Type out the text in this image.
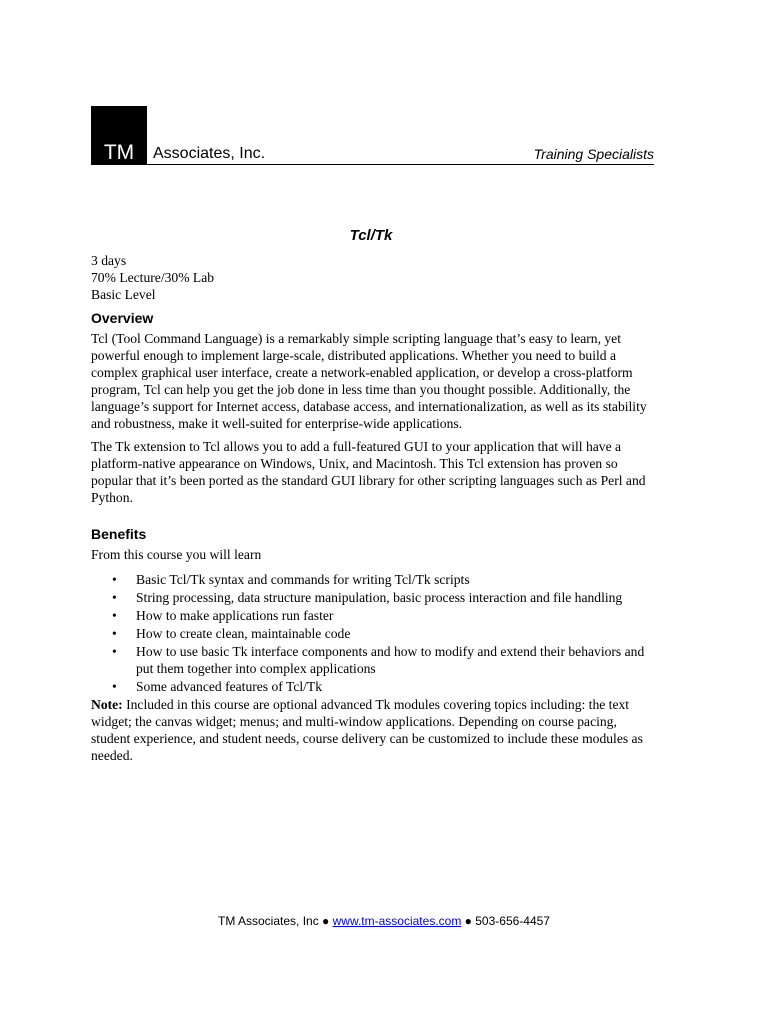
TM Associates, Inc.	Training Specialists
Tcl/Tk

3 days

70% Lecture/30% Lab

Basic Level

Overview

Tcl (Tool Command Language) is a remarkably simple scripting language that’s easy to learn, yet powerful enough to implement large-scale, distributed applications. Whether you need to build a complex graphical user interface, create a network-enabled application, or develop a cross-platform program, Tcl can help you get the job done in less time than you thought possible. Additionally, the language’s support for Internet access, database access, and internationalization, as well as its stability and robustness, make it well-suited for enterprise-wide applications.

The Tk extension to Tcl allows you to add a full-featured GUI to your application that will have a platform-native appearance on Windows, Unix, and Macintosh. This Tcl extension has proven so popular that it’s been ported as the standard GUI library for other scripting languages such as Perl and Python.

Benefits

From this course you will learn

• Basic Tcl/Tk syntax and commands for writing Tcl/Tk scripts
• String processing, data structure manipulation, basic process interaction and file handling
• How to make applications run faster
• How to create clean, maintainable code
• How to use basic Tk interface components and how to modify and extend their behaviors and put them together into complex applications
• Some advanced features of Tcl/Tk

Note: Included in this course are optional advanced Tk modules covering topics including: the text widget; the canvas widget; menus; and multi-window applications. Depending on course pacing, student experience, and student needs, course delivery can be customized to include these modules as needed.

TM Associates, Inc ● www.tm-associates.com ● 503-656-4457
